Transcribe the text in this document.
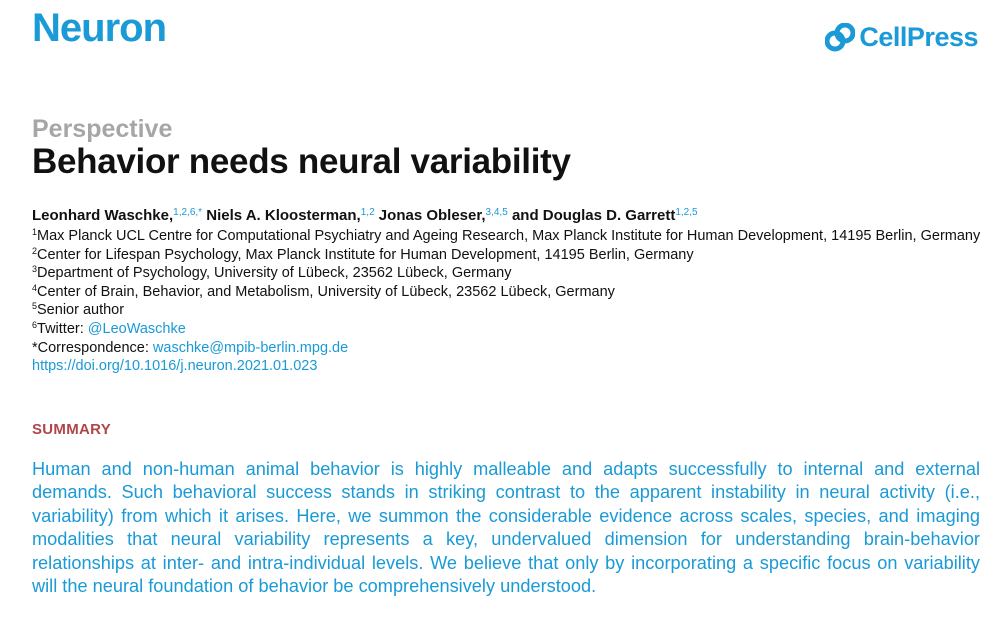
Neuron	CellPress
Perspective
Behavior needs neural variability
Leonhard Waschke,$^{1,2,6,*}$ Niels A. Kloosterman,$^{1,2}$ Jonas Obleser,$^{3,4,5}$ and Douglas D. Garrett$^{1,2,5}$
$^1$Max Planck UCL Centre for Computational Psychiatry and Ageing Research, Max Planck Institute for Human Development, 14195 Berlin, Germany
$^2$Center for Lifespan Psychology, Max Planck Institute for Human Development, 14195 Berlin, Germany
$^3$Department of Psychology, University of Lübeck, 23562 Lübeck, Germany
$^4$Center of Brain, Behavior, and Metabolism, University of Lübeck, 23562 Lübeck, Germany
$^5$Senior author
$^6$Twitter: @LeoWaschke
*Correspondence: waschke@mpib-berlin.mpg.de
https://doi.org/10.1016/j.neuron.2021.01.023
SUMMARY
Human and non-human animal behavior is highly malleable and adapts successfully to internal and external demands. Such behavioral success stands in striking contrast to the apparent instability in neural activity (i.e., variability) from which it arises. Here, we summon the considerable evidence across scales, species, and imaging modalities that neural variability represents a key, undervalued dimension for understanding brain-behavior relationships at inter- and intra-individual levels. We believe that only by incorporating a specific focus on variability will the neural foundation of behavior be comprehensively understood.
